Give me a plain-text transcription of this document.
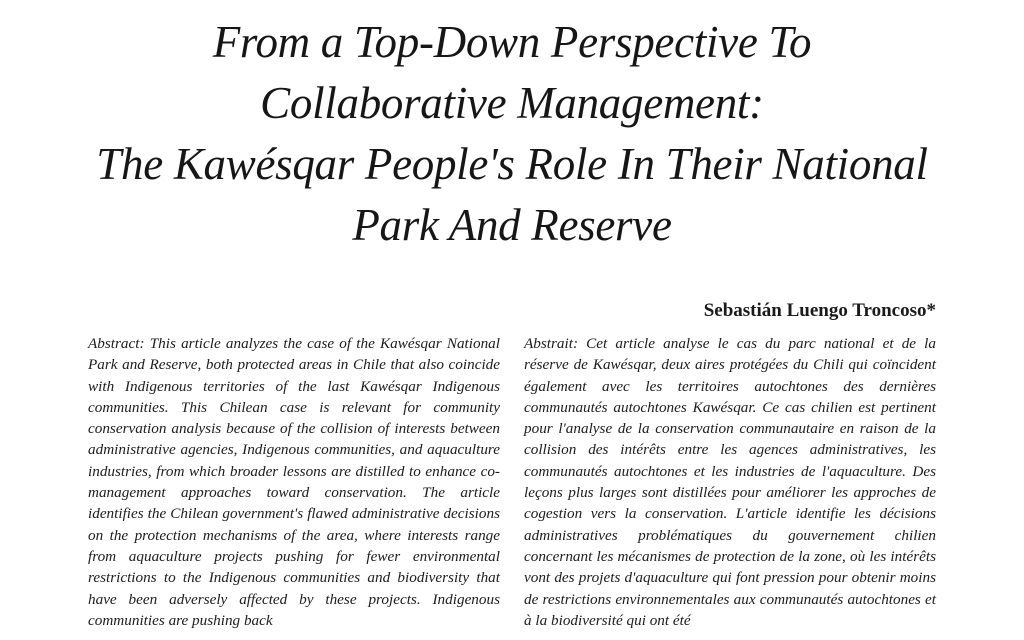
From a Top-Down Perspective To
Collaborative Management:
The Kawésqar People's Role In Their National
Park And Reserve
Sebastián Luengo Troncoso*
Abstract: This article analyzes the case of the Kawésqar National Park and Reserve, both protected areas in Chile that also coincide with Indigenous territories of the last Kawésqar Indigenous communities. This Chilean case is relevant for community conservation analysis because of the collision of interests between administrative agencies, Indigenous communities, and aquaculture industries, from which broader lessons are distilled to enhance co-management approaches toward conservation. The article identifies the Chilean government's flawed administrative decisions on the protection mechanisms of the area, where interests range from aquaculture projects pushing for fewer environmental restrictions to the Indigenous communities and biodiversity that have been adversely affected by these projects. Indigenous communities are pushing back
Abstrait: Cet article analyse le cas du parc national et de la réserve de Kawésqar, deux aires protégées du Chili qui coïncident également avec les territoires autochtones des dernières communautés autochtones Kawésqar. Ce cas chilien est pertinent pour l'analyse de la conservation communautaire en raison de la collision des intérêts entre les agences administratives, les communautés autochtones et les industries de l'aquaculture. Des leçons plus larges sont distillées pour améliorer les approches de cogestion vers la conservation. L'article identifie les décisions administratives problématiques du gouvernement chilien concernant les mécanismes de protection de la zone, où les intérêts vont des projets d'aquaculture qui font pression pour obtenir moins de restrictions environnementales aux communautés autochtones et à la biodiversité qui ont été
